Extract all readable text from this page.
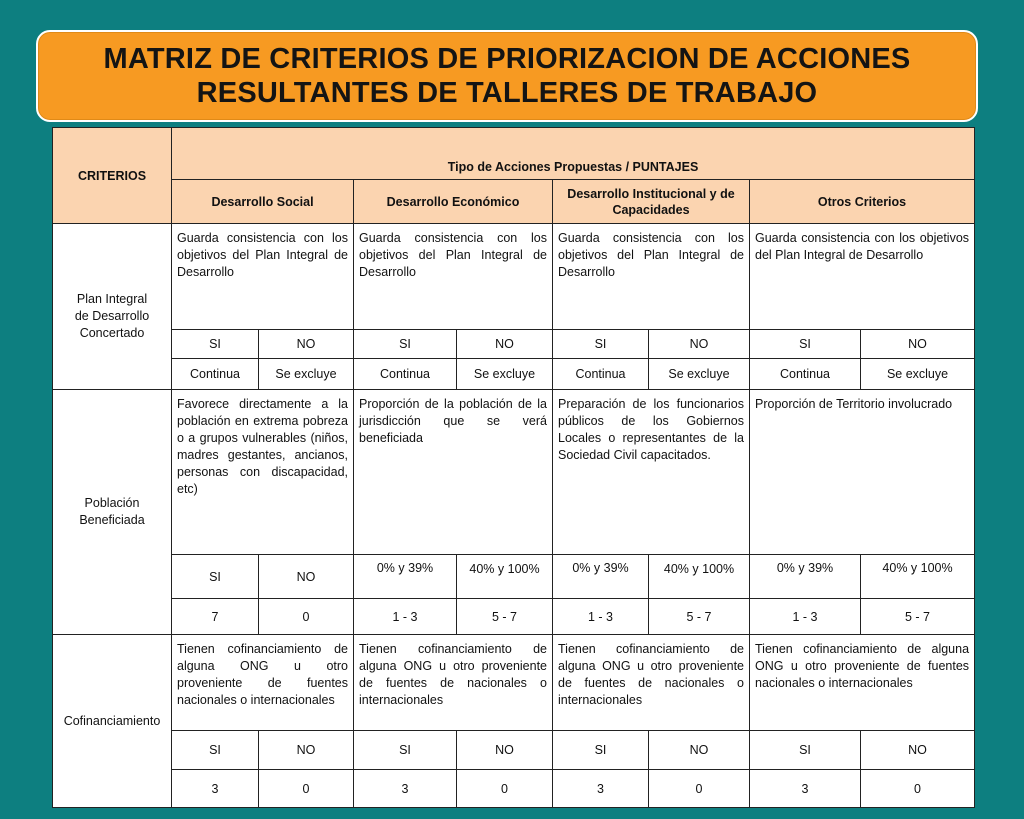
MATRIZ DE CRITERIOS DE PRIORIZACION DE ACCIONES
RESULTANTES DE TALLERES DE TRABAJO
CRITERIOS	Tipo de Acciones Propuestas / PUNTAJES							
	Desarrollo Social		Desarrollo Económico		Desarrollo Institucional y de Capacidades		Otros Criterios	

Plan Integral de Desarrollo Concertado	Guarda consistencia con los objetivos del Plan Integral de Desarrollo		Guarda consistencia con los objetivos del Plan Integral de Desarrollo		Guarda consistencia con los objetivos del Plan Integral de Desarrollo		Guarda consistencia con los objetivos del Plan Integral de Desarrollo	
	SI	NO	SI	NO	SI	NO	SI	NO
	Continua	Se excluye	Continua	Se excluye	Continua	Se excluye	Continua	Se excluye

Población Beneficiada	Favorece directamente a la población en extrema pobreza o a grupos vulnerables (niños, madres gestantes, ancianos, personas con discapacidad, etc)		Proporción de la población de la jurisdicción que se verá beneficiada		Preparación de los funcionarios públicos de los Gobiernos Locales o representantes de la Sociedad Civil capacitados.		Proporción de Territorio involucrado	
	SI	NO	0% y 39%	40% y 100%	0% y 39%	40% y 100%	0% y 39%	40% y 100%
	7	0	1 - 3	5 - 7	1 - 3	5 - 7	1 - 3	5 - 7

Cofinanciamiento	Tienen cofinanciamiento de alguna ONG u otro proveniente de fuentes nacionales o internacionales		Tienen cofinanciamiento de alguna ONG u otro proveniente de fuentes de nacionales o internacionales		Tienen cofinanciamiento de alguna ONG u otro proveniente de fuentes de nacionales o internacionales		Tienen cofinanciamiento de alguna ONG u otro proveniente de fuentes nacionales o internacionales	
	SI	NO	SI	NO	SI	NO	SI	NO
	3	0	3	0	3	0	3	0
